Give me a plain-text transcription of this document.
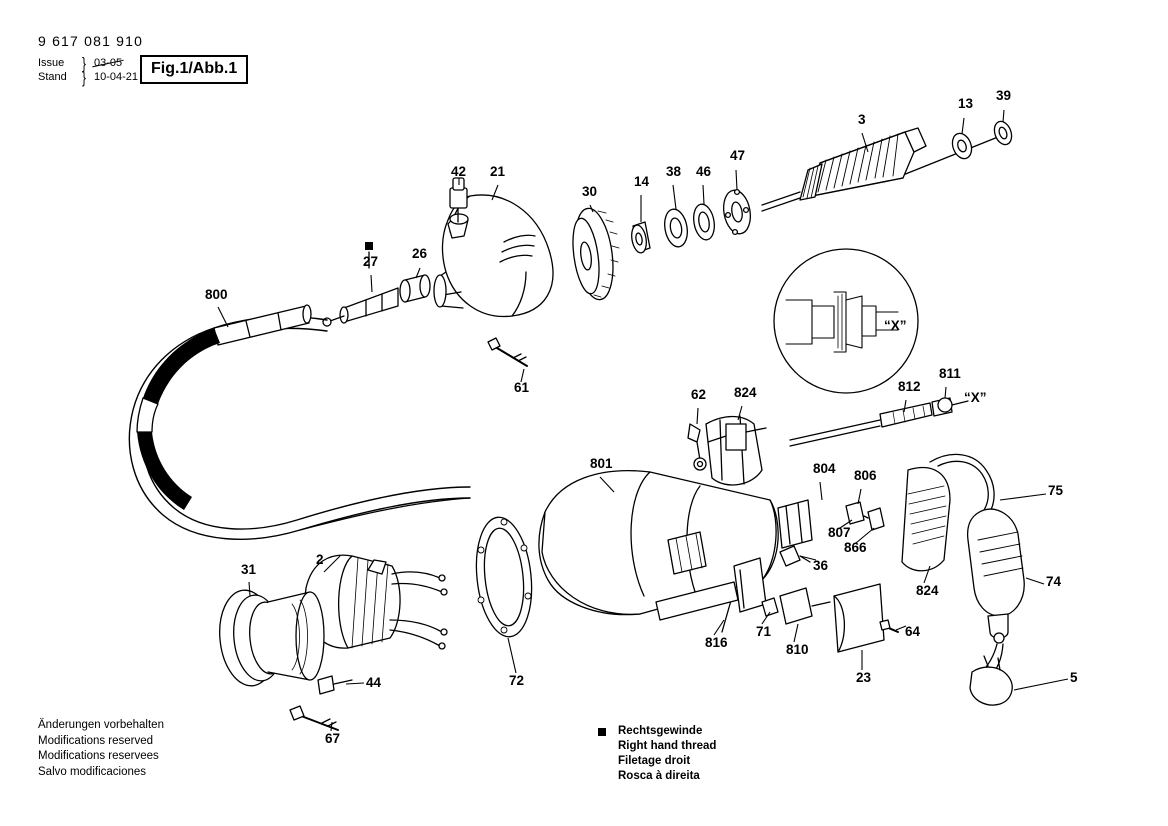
9 617 081 910
Issue	} 03-05
Stand } 10-04-21 Fig.1/Abb.1
13
39
3
47
46
38
14
30
21
42
26
27
800
61	62 824	812
811
801	804 806
807
866
824
75
74
5
36
64
23
810
71
816
72
2
31
44
67
“X”
“X”
Änderungen vorbehalten
Modifications reserved
Modifications reservees
Salvo modificaciones
Rechtsgewinde
Right hand thread
Filetage droit
Rosca à direita
